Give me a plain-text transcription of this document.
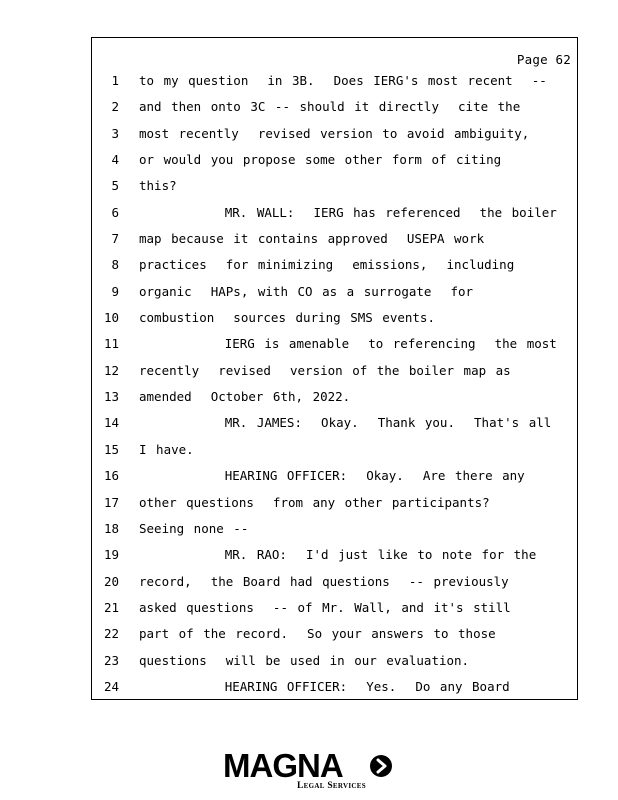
Page 62
1 to my question  in 3B.  Does IERG's most recent  --
2 and then onto 3C -- should it directly  cite the
3 most recently  revised version to avoid ambiguity,
4 or would you propose some other form of citing
5 this?
6 MR. WALL:  IERG has referenced  the boiler
7 map because it contains approved  USEPA work
8 practices  for minimizing  emissions,  including
9 organic  HAPs, with CO as a surrogate  for
10 combustion  sources during SMS events.
11 IERG is amenable  to referencing  the most
12 recently  revised  version of the boiler map as
13 amended  October 6th, 2022.
14 MR. JAMES:  Okay.  Thank you.  That's all
15 I have.
16 HEARING OFFICER:  Okay.  Are there any
17 other questions  from any other participants?
18 Seeing none --
19 MR. RAO:  I'd just like to note for the
20 record,  the Board had questions  -- previously
21 asked questions  -- of Mr. Wall, and it's still
22 part of the record.  So your answers to those
23 questions  will be used in our evaluation.
24 HEARING OFFICER:  Yes.  Do any Board
MAGNA
Legal Services
